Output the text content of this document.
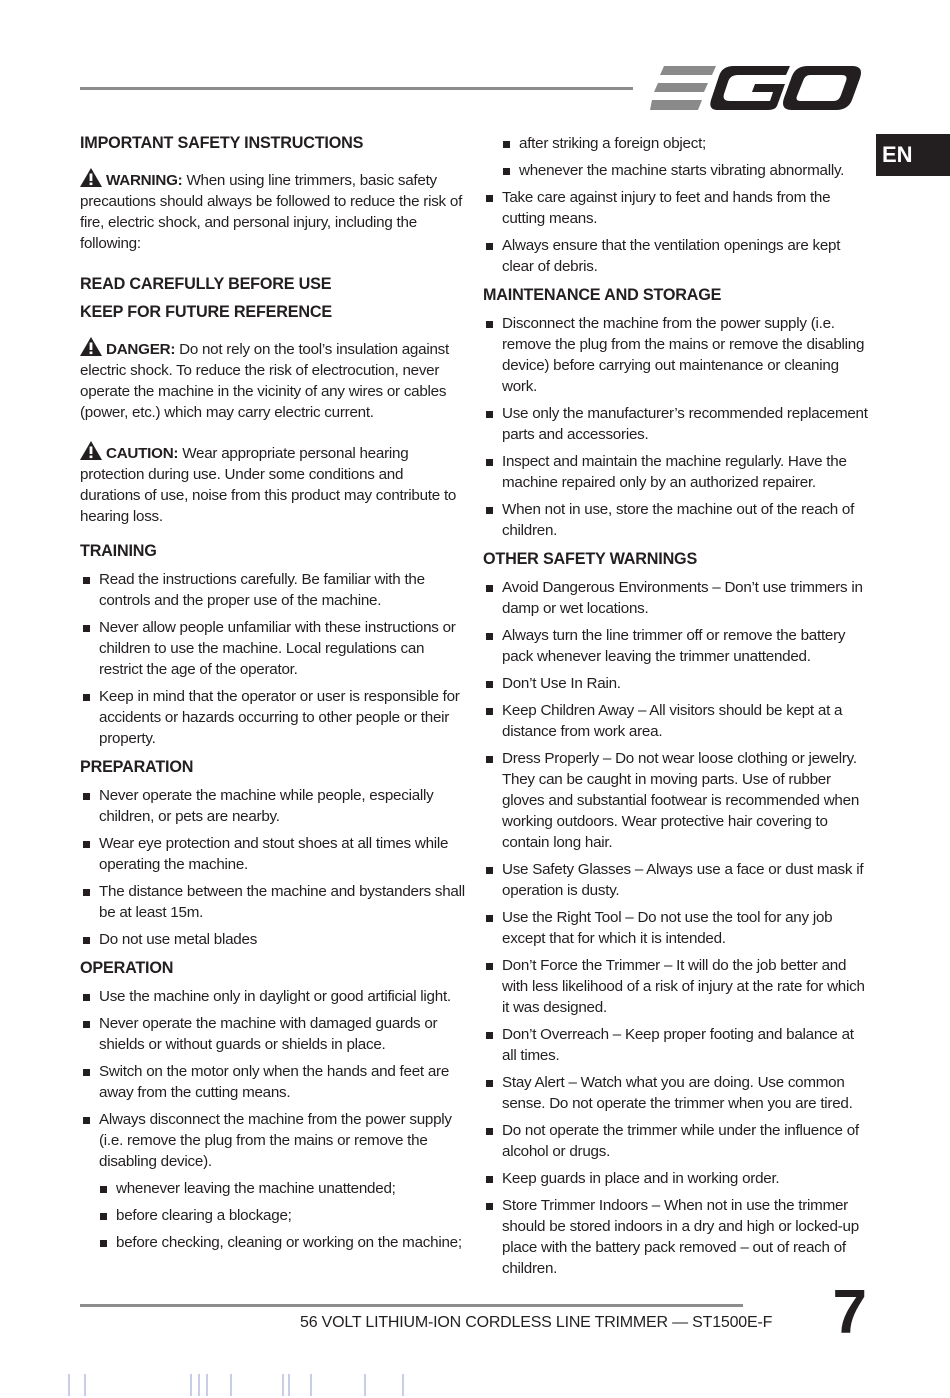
EN
IMPORTANT SAFETY INSTRUCTIONS

WARNING: When using line trimmers, basic safety precautions should always be followed to reduce the risk of fire, electric shock, and personal injury, including the following:

READ CAREFULLY BEFORE USE
KEEP FOR FUTURE REFERENCE

DANGER: Do not rely on the tool’s insulation against electric shock. To reduce the risk of electrocution, never operate the machine in the vicinity of any wires or cables (power, etc.) which may carry electric current.

CAUTION: Wear appropriate personal hearing protection during use. Under some conditions and durations of use, noise from this product may contribute to hearing loss.

TRAINING
Read the instructions carefully. Be familiar with the controls and the proper use of the machine.
Never allow people unfamiliar with these instructions or children to use the machine. Local regulations can restrict the age of the operator.
Keep in mind that the operator or user is responsible for accidents or hazards occurring to other people or their property.
PREPARATION
Never operate the machine while people, especially children, or pets are nearby.
Wear eye protection and stout shoes at all times while operating the machine.
The distance between the machine and bystanders shall be at least 15m.
Do not use metal blades
OPERATION
Use the machine only in daylight or good artificial light.
Never operate the machine with damaged guards or shields or without guards or shields in place.
Switch on the motor only when the hands and feet are away from the cutting means.
Always disconnect the machine from the power supply (i.e. remove the plug from the mains or remove the disabling device).
whenever leaving the machine unattended;
before clearing a blockage;
before checking, cleaning or working on the machine;
after striking a foreign object;
whenever the machine starts vibrating abnormally.
Take care against injury to feet and hands from the cutting means.
Always ensure that the ventilation openings are kept clear of debris.
MAINTENANCE AND STORAGE
Disconnect the machine from the power supply (i.e. remove the plug from the mains or remove the disabling device) before carrying out maintenance or cleaning work.
Use only the manufacturer’s recommended replacement parts and accessories.
Inspect and maintain the machine regularly. Have the machine repaired only by an authorized repairer.
When not in use, store the machine out of the reach of children.
OTHER SAFETY WARNINGS
Avoid Dangerous Environments – Don’t use trimmers in damp or wet locations.
Always turn the line trimmer off or remove the battery pack whenever leaving the trimmer unattended.
Don’t Use In Rain.
Keep Children Away – All visitors should be kept at a distance from work area.
Dress Properly – Do not wear loose clothing or jewelry. They can be caught in moving parts. Use of rubber gloves and substantial footwear is recommended when working outdoors. Wear protective hair covering to contain long hair.
Use Safety Glasses – Always use a face or dust mask if operation is dusty.
Use the Right Tool – Do not use the tool for any job except that for which it is intended.
Don’t Force the Trimmer – It will do the job better and with less likelihood of a risk of injury at the rate for which it was designed.
Don’t Overreach – Keep proper footing and balance at all times.
Stay Alert – Watch what you are doing. Use common sense. Do not operate the trimmer when you are tired.
Do not operate the trimmer while under the influence of alcohol or drugs.
Keep guards in place and in working order.
Store Trimmer Indoors – When not in use the trimmer should be stored indoors in a dry and high or locked-up place with the battery pack removed – out of reach of children.
56 VOLT LITHIUM-ION CORDLESS LINE TRIMMER — ST1500E-F 7
